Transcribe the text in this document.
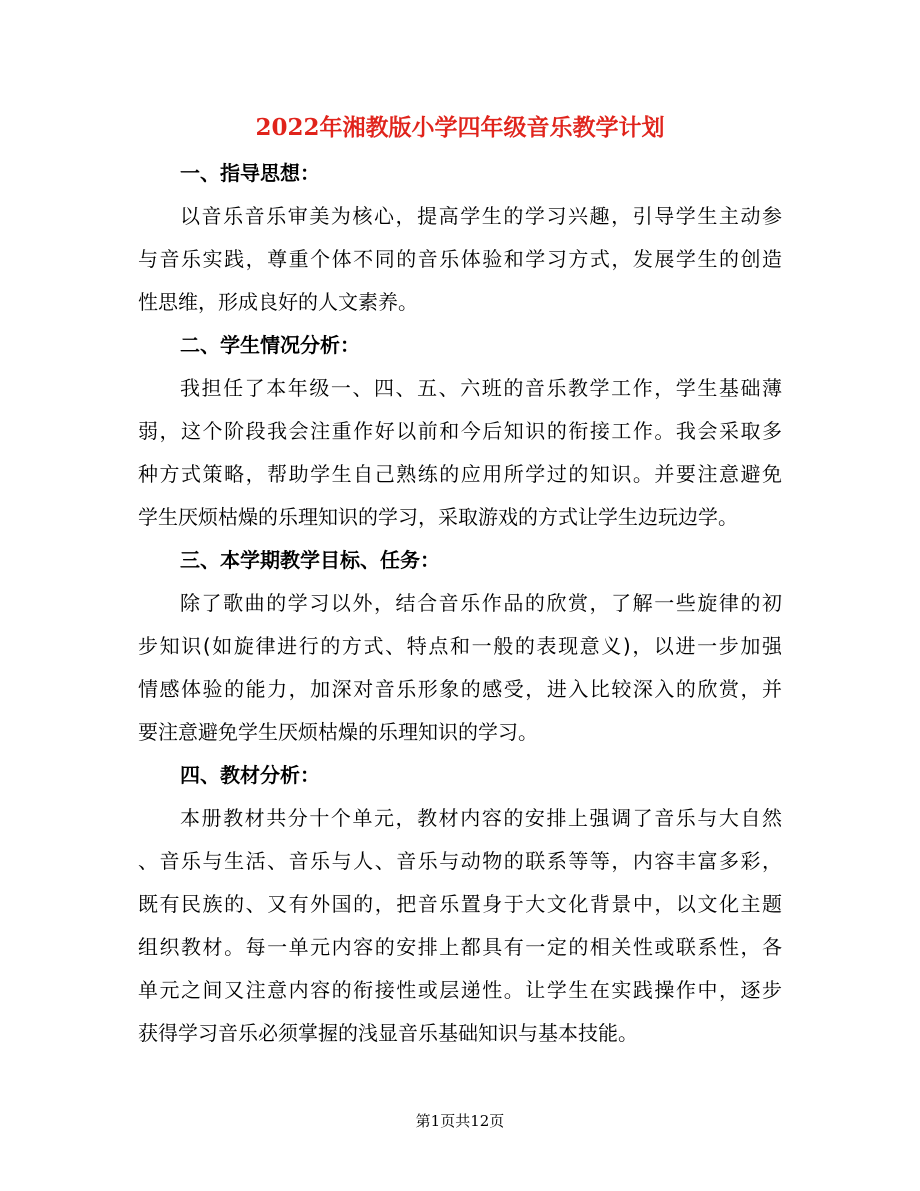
2022年湘教版小学四年级音乐教学计划
一、指导思想：
以音乐音乐审美为核心，提高学生的学习兴趣，引导学生主动参
与音乐实践，尊重个体不同的音乐体验和学习方式，发展学生的创造
性思维，形成良好的人文素养。
二、学生情况分析：
我担任了本年级一、四、五、六班的音乐教学工作，学生基础薄
弱，这个阶段我会注重作好以前和今后知识的衔接工作。我会采取多
种方式策略，帮助学生自己熟练的应用所学过的知识。并要注意避免
学生厌烦枯燥的乐理知识的学习，采取游戏的方式让学生边玩边学。
三、本学期教学目标、任务：
除了歌曲的学习以外，结合音乐作品的欣赏，了解一些旋律的初
步知识(如旋律进行的方式、特点和一般的表现意义)，以进一步加强
情感体验的能力，加深对音乐形象的感受，进入比较深入的欣赏，并
要注意避免学生厌烦枯燥的乐理知识的学习。
四、教材分析：
本册教材共分十个单元，教材内容的安排上强调了音乐与大自然
、音乐与生活、音乐与人、音乐与动物的联系等等，内容丰富多彩，
既有民族的、又有外国的，把音乐置身于大文化背景中，以文化主题
组织教材。每一单元内容的安排上都具有一定的相关性或联系性，各
单元之间又注意内容的衔接性或层递性。让学生在实践操作中，逐步
获得学习音乐必须掌握的浅显音乐基础知识与基本技能。
第1页共12页
